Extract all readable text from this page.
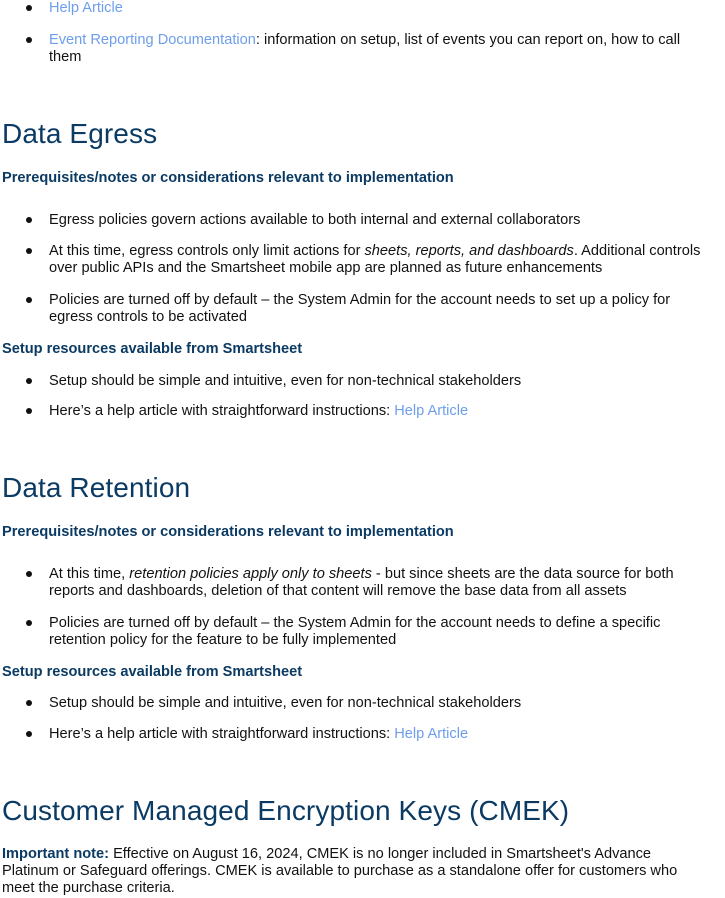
Help Article
Event Reporting Documentation: information on setup, list of events you can report on, how to call
them
Data Egress
Prerequisites/notes or considerations relevant to implementation
Egress policies govern actions available to both internal and external collaborators
At this time, egress controls only limit actions for sheets, reports, and dashboards. Additional controls
over public APIs and the Smartsheet mobile app are planned as future enhancements
Policies are turned off by default – the System Admin for the account needs to set up a policy for
egress controls to be activated
Setup resources available from Smartsheet
Setup should be simple and intuitive, even for non-technical stakeholders
Here’s a help article with straightforward instructions: Help Article
Data Retention
Prerequisites/notes or considerations relevant to implementation
At this time, retention policies apply only to sheets - but since sheets are the data source for both
reports and dashboards, deletion of that content will remove the base data from all assets
Policies are turned off by default – the System Admin for the account needs to define a specific
retention policy for the feature to be fully implemented
Setup resources available from Smartsheet
Setup should be simple and intuitive, even for non-technical stakeholders
Here’s a help article with straightforward instructions: Help Article
Customer Managed Encryption Keys (CMEK)
Important note: Effective on August 16, 2024, CMEK is no longer included in Smartsheet's Advance
Platinum or Safeguard offerings. CMEK is available to purchase as a standalone offer for customers who
meet the purchase criteria.
